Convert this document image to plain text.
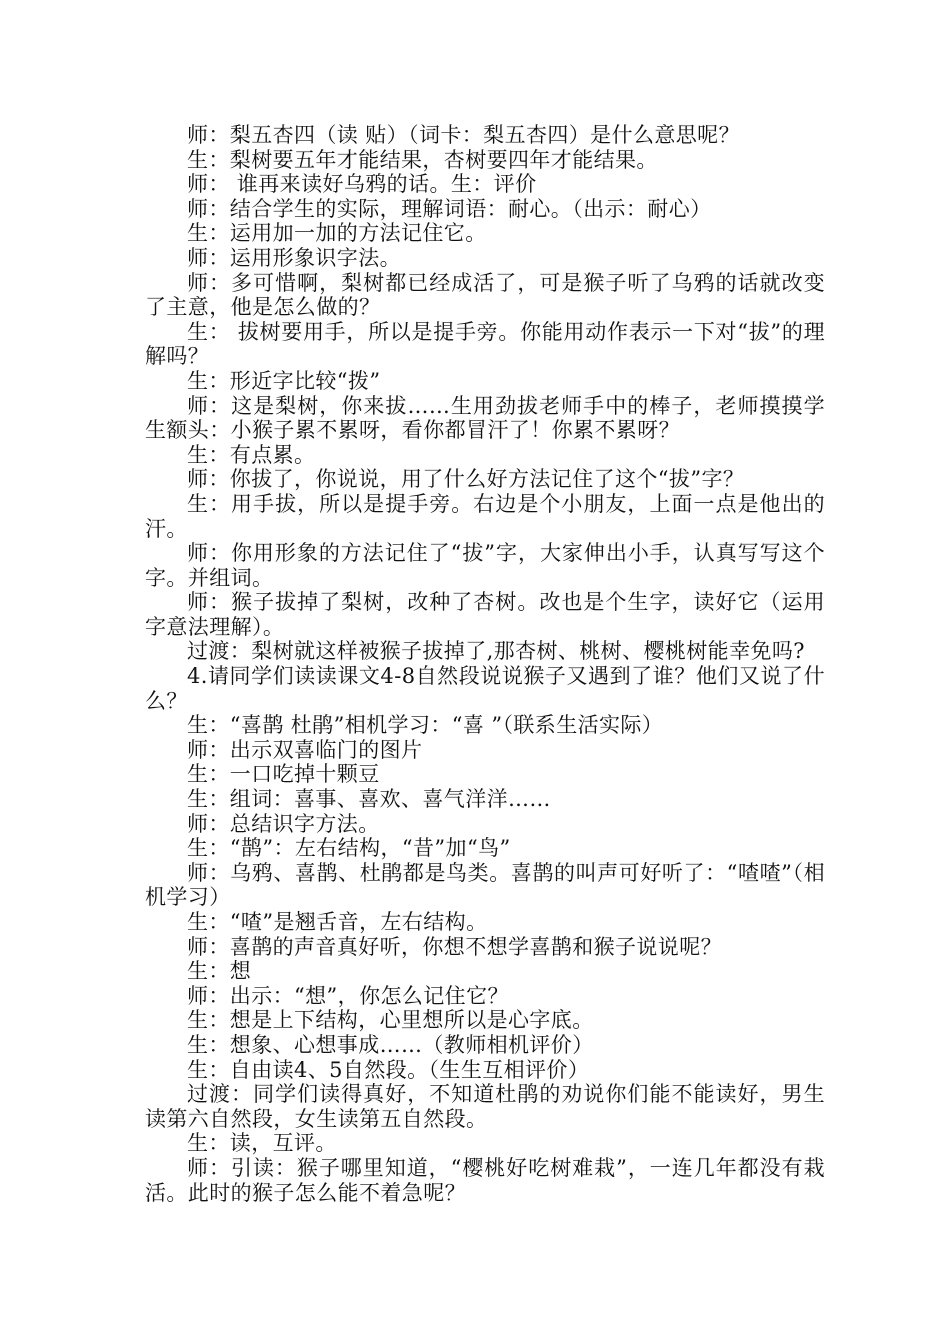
师：梨五杏四（读 贴）（词卡：梨五杏四）是什么意思呢？

生：梨树要五年才能结果，杏树要四年才能结果。

师： 谁再来读好乌鸦的话。生：评价

师：结合学生的实际，理解词语：耐心。（出示：耐心）

生：运用加一加的方法记住它。

师：运用形象识字法。

师：多可惜啊，梨树都已经成活了，可是猴子听了乌鸦的话就改变了主意，他是怎么做的？

生： 拔树要用手，所以是提手旁。你能用动作表示一下对“拔”的理解吗？

生：形近字比较“拨”

师：这是梨树，你来拔……生用劲拔老师手中的棒子，老师摸摸学生额头：小猴子累不累呀，看你都冒汗了！你累不累呀？

生：有点累。

师：你拔了，你说说，用了什么好方法记住了这个“拔”字？

生：用手拔，所以是提手旁。右边是个小朋友，上面一点是他出的汗。

师：你用形象的方法记住了“拔”字，大家伸出小手，认真写写这个字。并组词。

师：猴子拔掉了梨树，改种了杏树。改也是个生字，读好它（运用字意法理解）。

过渡：梨树就这样被猴子拔掉了,那杏树、桃树、樱桃树能幸免吗?

4.请同学们读读课文4-8自然段说说猴子又遇到了谁？他们又说了什么？

生：“喜鹊 杜鹃”相机学习：“喜 ”（联系生活实际）

师：出示双喜临门的图片

生：一口吃掉十颗豆

生：组词：喜事、喜欢、喜气洋洋……

师：总结识字方法。

生：“鹊”：左右结构，“昔”加“鸟”

师：乌鸦、喜鹊、杜鹃都是鸟类。喜鹊的叫声可好听了：“喳喳”（相机学习）

生：“喳”是翘舌音，左右结构。

师：喜鹊的声音真好听，你想不想学喜鹊和猴子说说呢？

生：想

师：出示：“想”，你怎么记住它？

生：想是上下结构，心里想所以是心字底。

生：想象、心想事成……（教师相机评价）

生：自由读4、5自然段。（生生互相评价）

过渡：同学们读得真好，不知道杜鹃的劝说你们能不能读好，男生读第六自然段，女生读第五自然段。

生：读，互评。

师：引读：猴子哪里知道，“樱桃好吃树难栽”，一连几年都没有栽活。此时的猴子怎么能不着急呢？
